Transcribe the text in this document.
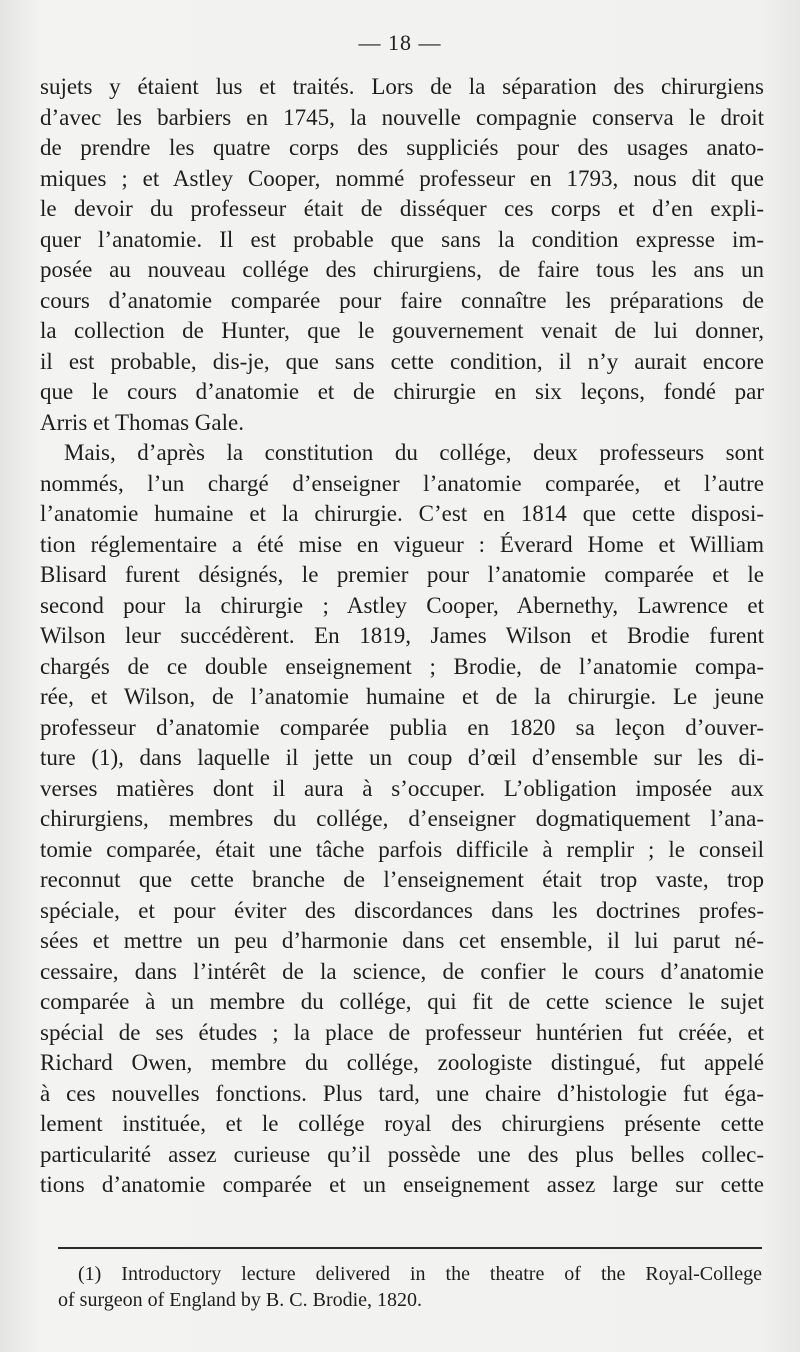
— 18 —
sujets y étaient lus et traités. Lors de la séparation des chirurgiens
d’avec les barbiers en 1745, la nouvelle compagnie conserva le droit
de prendre les quatre corps des suppliciés pour des usages anato-
miques ; et Astley Cooper, nommé professeur en 1793, nous dit que
le devoir du professeur était de disséquer ces corps et d’en expli-
quer l’anatomie. Il est probable que sans la condition expresse im-
posée au nouveau collége des chirurgiens, de faire tous les ans un
cours d’anatomie comparée pour faire connaître les préparations de
la collection de Hunter, que le gouvernement venait de lui donner,
il est probable, dis-je, que sans cette condition, il n’y aurait encore
que le cours d’anatomie et de chirurgie en six leçons, fondé par
Arris et Thomas Gale.
Mais, d’après la constitution du collége, deux professeurs sont
nommés, l’un chargé d’enseigner l’anatomie comparée, et l’autre
l’anatomie humaine et la chirurgie. C’est en 1814 que cette disposi-
tion réglementaire a été mise en vigueur : Éverard Home et William
Blisard furent désignés, le premier pour l’anatomie comparée et le
second pour la chirurgie ; Astley Cooper, Abernethy, Lawrence et
Wilson leur succédèrent. En 1819, James Wilson et Brodie furent
chargés de ce double enseignement ; Brodie, de l’anatomie compa-
rée, et Wilson, de l’anatomie humaine et de la chirurgie. Le jeune
professeur d’anatomie comparée publia en 1820 sa leçon d’ouver-
ture (1), dans laquelle il jette un coup d’œil d’ensemble sur les di-
verses matières dont il aura à s’occuper. L’obligation imposée aux
chirurgiens, membres du collége, d’enseigner dogmatiquement l’ana-
tomie comparée, était une tâche parfois difficile à remplir ; le conseil
reconnut que cette branche de l’enseignement était trop vaste, trop
spéciale, et pour éviter des discordances dans les doctrines profes-
sées et mettre un peu d’harmonie dans cet ensemble, il lui parut né-
cessaire, dans l’intérêt de la science, de confier le cours d’anatomie
comparée à un membre du collége, qui fit de cette science le sujet
spécial de ses études ; la place de professeur huntérien fut créée, et
Richard Owen, membre du collége, zoologiste distingué, fut appelé
à ces nouvelles fonctions. Plus tard, une chaire d’histologie fut éga-
lement instituée, et le collége royal des chirurgiens présente cette
particularité assez curieuse qu’il possède une des plus belles collec-
tions d’anatomie comparée et un enseignement assez large sur cette
(1) Introductory lecture delivered in the theatre of the Royal-College
of surgeon of England by B. C. Brodie, 1820.
